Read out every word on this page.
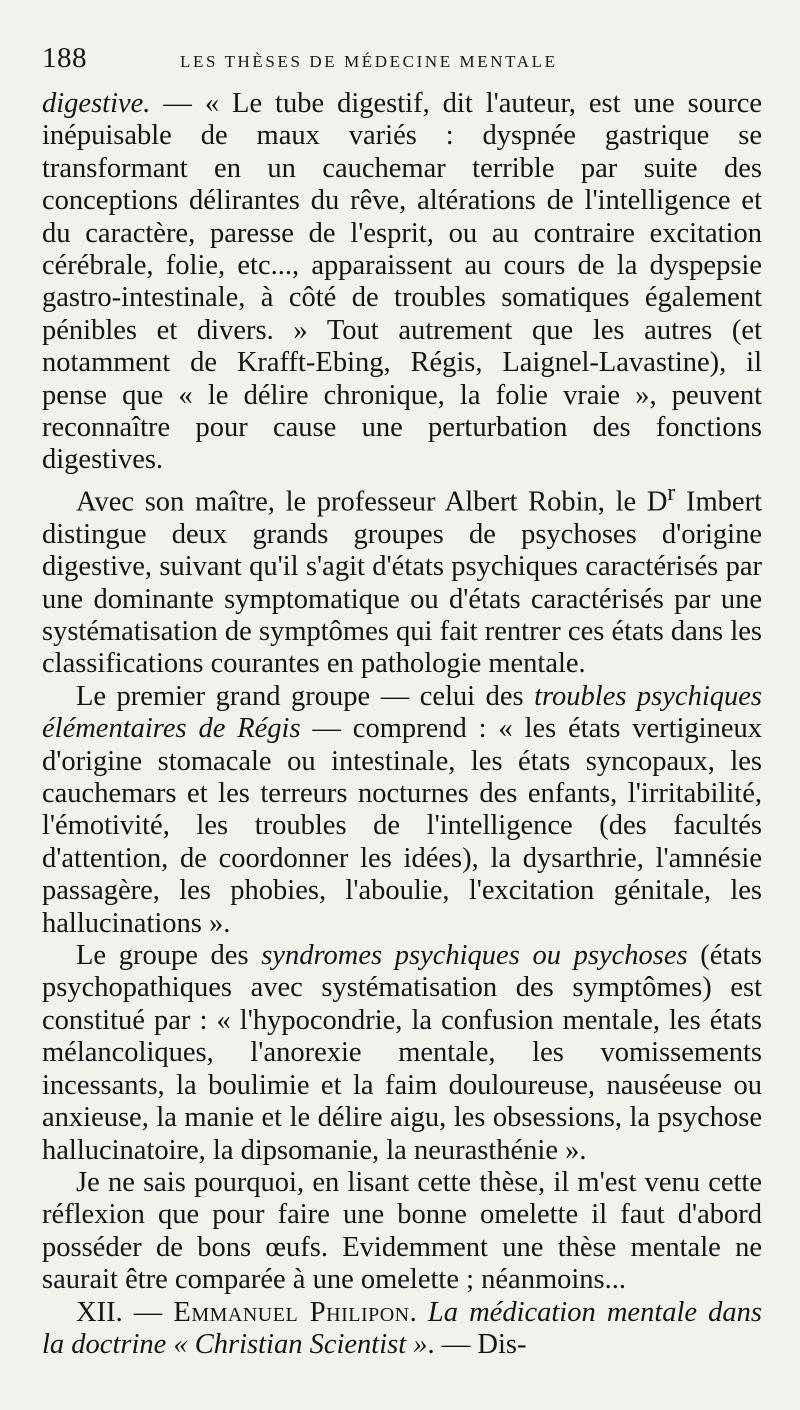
188	LES THÈSES DE MÉDECINE MENTALE

digestive. — « Le tube digestif, dit l'auteur, est une source inépuisable de maux variés : dyspnée gastrique se transformant en un cauchemar terrible par suite des conceptions délirantes du rêve, altérations de l'intelligence et du caractère, paresse de l'esprit, ou au contraire excitation cérébrale, folie, etc..., apparaissent au cours de la dyspepsie gastro-intestinale, à côté de troubles somatiques également pénibles et divers. » Tout autrement que les autres (et notamment de Krafft-Ebing, Régis, Laignel-Lavastine), il pense que « le délire chronique, la folie vraie », peuvent reconnaître pour cause une perturbation des fonctions digestives.

Avec son maître, le professeur Albert Robin, le $D^r$ Imbert distingue deux grands groupes de psychoses d'origine digestive, suivant qu'il s'agit d'états psychiques caractérisés par une dominante symptomatique ou d'états caractérisés par une systématisation de symptômes qui fait rentrer ces états dans les classifications courantes en pathologie mentale.

Le premier grand groupe — celui des troubles psychiques élémentaires de Régis — comprend : « les états vertigineux d'origine stomacale ou intestinale, les états syncopaux, les cauchemars et les terreurs nocturnes des enfants, l'irritabilité, l'émotivité, les troubles de l'intelligence (des facultés d'attention, de coordonner les idées), la dysarthrie, l'amnésie passagère, les phobies, l'aboulie, l'excitation génitale, les hallucinations ».

Le groupe des syndromes psychiques ou psychoses (états psychopathiques avec systématisation des symptômes) est constitué par : « l'hypocondrie, la confusion mentale, les états mélancoliques, l'anorexie mentale, les vomissements incessants, la boulimie et la faim douloureuse, nauséeuse ou anxieuse, la manie et le délire aigu, les obsessions, la psychose hallucinatoire, la dipsomanie, la neurasthénie ».

Je ne sais pourquoi, en lisant cette thèse, il m'est venu cette réflexion que pour faire une bonne omelette il faut d'abord posséder de bons œufs. Evidemment une thèse mentale ne saurait être comparée à une omelette ; néanmoins...

XII. — Emmanuel Philipon. La médication mentale dans la doctrine « Christian Scientist ». — Dis-
